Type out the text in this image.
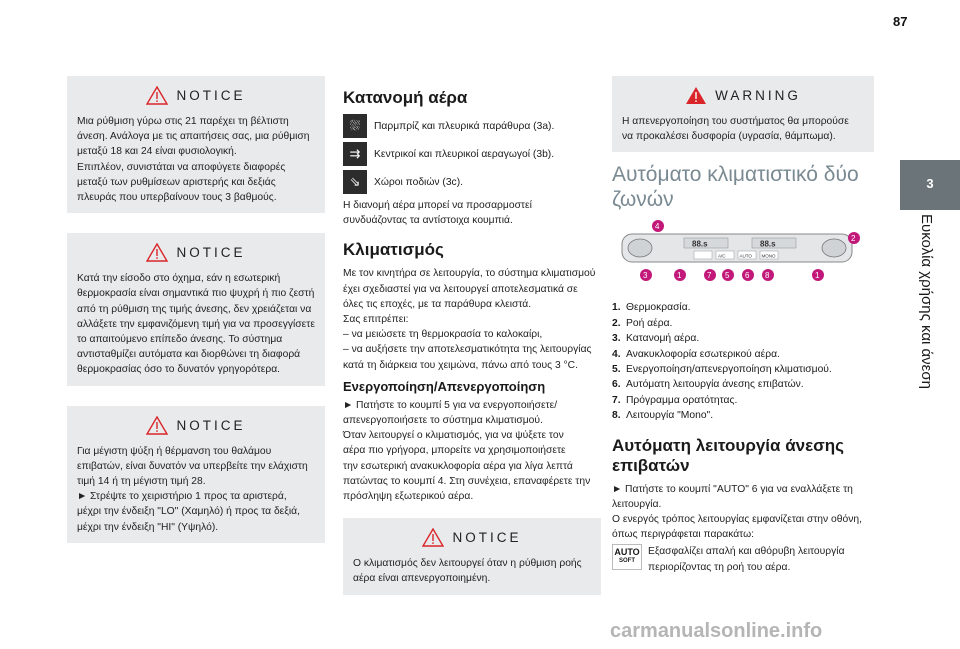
87
3
Ευκολία χρήσης και άνεση
NOTICE

Μια ρύθμιση γύρω στις 21 παρέχει τη βέλτιστη
άνεση. Ανάλογα με τις απαιτήσεις σας, μια ρύθμιση
μεταξύ 18 και 24 είναι φυσιολογική.
Επιπλέον, συνιστάται να αποφύγετε διαφορές
μεταξύ των ρυθμίσεων αριστερής και δεξιάς
πλευράς που υπερβαίνουν τους 3 βαθμούς.

NOTICE

Κατά την είσοδο στο όχημα, εάν η εσωτερική
θερμοκρασία είναι σημαντικά πιο ψυχρή ή πιο ζεστή
από τη ρύθμιση της τιμής άνεσης, δεν χρειάζεται να
αλλάξετε την εμφανιζόμενη τιμή για να προσεγγίσετε
το απαιτούμενο επίπεδο άνεσης. Το σύστημα
αντισταθμίζει αυτόματα και διορθώνει τη διαφορά
θερμοκρασίας όσο το δυνατόν γρηγορότερα.

NOTICE

Για μέγιστη ψύξη ή θέρμανση του θαλάμου
επιβατών, είναι δυνατόν να υπερβείτε την ελάχιστη
τιμή 14 ή τη μέγιστη τιμή 28.
► Στρέψτε το χειριστήριο 1 προς τα αριστερά,
μέχρι την ένδειξη "LO" (Χαμηλό) ή προς τα δεξιά,
μέχρι την ένδειξη "HI" (Υψηλό).

Κατανομή αέρα
⛆	Παρμπρίζ και πλευρικά παράθυρα (3a).
⇉	Κεντρικοί και πλευρικοί αεραγωγοί (3b).
⇘	Χώροι ποδιών (3c).

Η διανομή αέρα μπορεί να προσαρμοστεί
συνδυάζοντας τα αντίστοιχα κουμπιά.

Κλιματισμός

Με τον κινητήρα σε λειτουργία, το σύστημα κλιματισμού
έχει σχεδιαστεί για να λειτουργεί αποτελεσματικά σε
όλες τις εποχές, με τα παράθυρα κλειστά.
Σας επιτρέπει:
– να μειώσετε τη θερμοκρασία το καλοκαίρι,
– να αυξήσετε την αποτελεσματικότητα της λειτουργίας
κατά τη διάρκεια του χειμώνα, πάνω από τους 3 °C.

Ενεργοποίηση/Απενεργοποίηση

► Πατήστε το κουμπί 5 για να ενεργοποιήσετε/
απενεργοποιήσετε το σύστημα κλιματισμού.
Όταν λειτουργεί ο κλιματισμός, για να ψύξετε τον
αέρα πιο γρήγορα, μπορείτε να χρησιμοποιήσετε
την εσωτερική ανακυκλοφορία αέρα για λίγα λεπτά
πατώντας το κουμπί 4. Στη συνέχεια, επαναφέρετε την
πρόσληψη εξωτερικού αέρα.

NOTICE

Ο κλιματισμός δεν λειτουργεί όταν η ρύθμιση ροής
αέρα είναι απενεργοποιημένη.

WARNING

Η απενεργοποίηση του συστήματος θα μπορούσε
να προκαλέσει δυσφορία (υγρασία, θάμπωμα).

Αυτόματο κλιματιστικό δύο ζωνών
88.s	88.s
A/C	AUTO MONO
4
2
3	1	7 5 6 8	1
1. Θερμοκρασία.
2. Ροή αέρα.
3. Κατανομή αέρα.
4. Ανακυκλοφορία εσωτερικού αέρα.
5. Ενεργοποίηση/απενεργοποίηση κλιματισμού.
6. Αυτόματη λειτουργία άνεσης επιβατών.
7. Πρόγραμμα ορατότητας.
8. Λειτουργία "Mono".
Αυτόματη λειτουργία άνεσης επιβατών

► Πατήστε το κουμπί "AUTO" 6 για να εναλλάξετε τη
λειτουργία.
Ο ενεργός τρόπος λειτουργίας εμφανίζεται στην οθόνη,
όπως περιγράφεται παρακάτω:

AUTO
SOFT

Εξασφαλίζει απαλή και αθόρυβη λειτουργία
περιορίζοντας τη ροή του αέρα.

carmanualsonline.info
